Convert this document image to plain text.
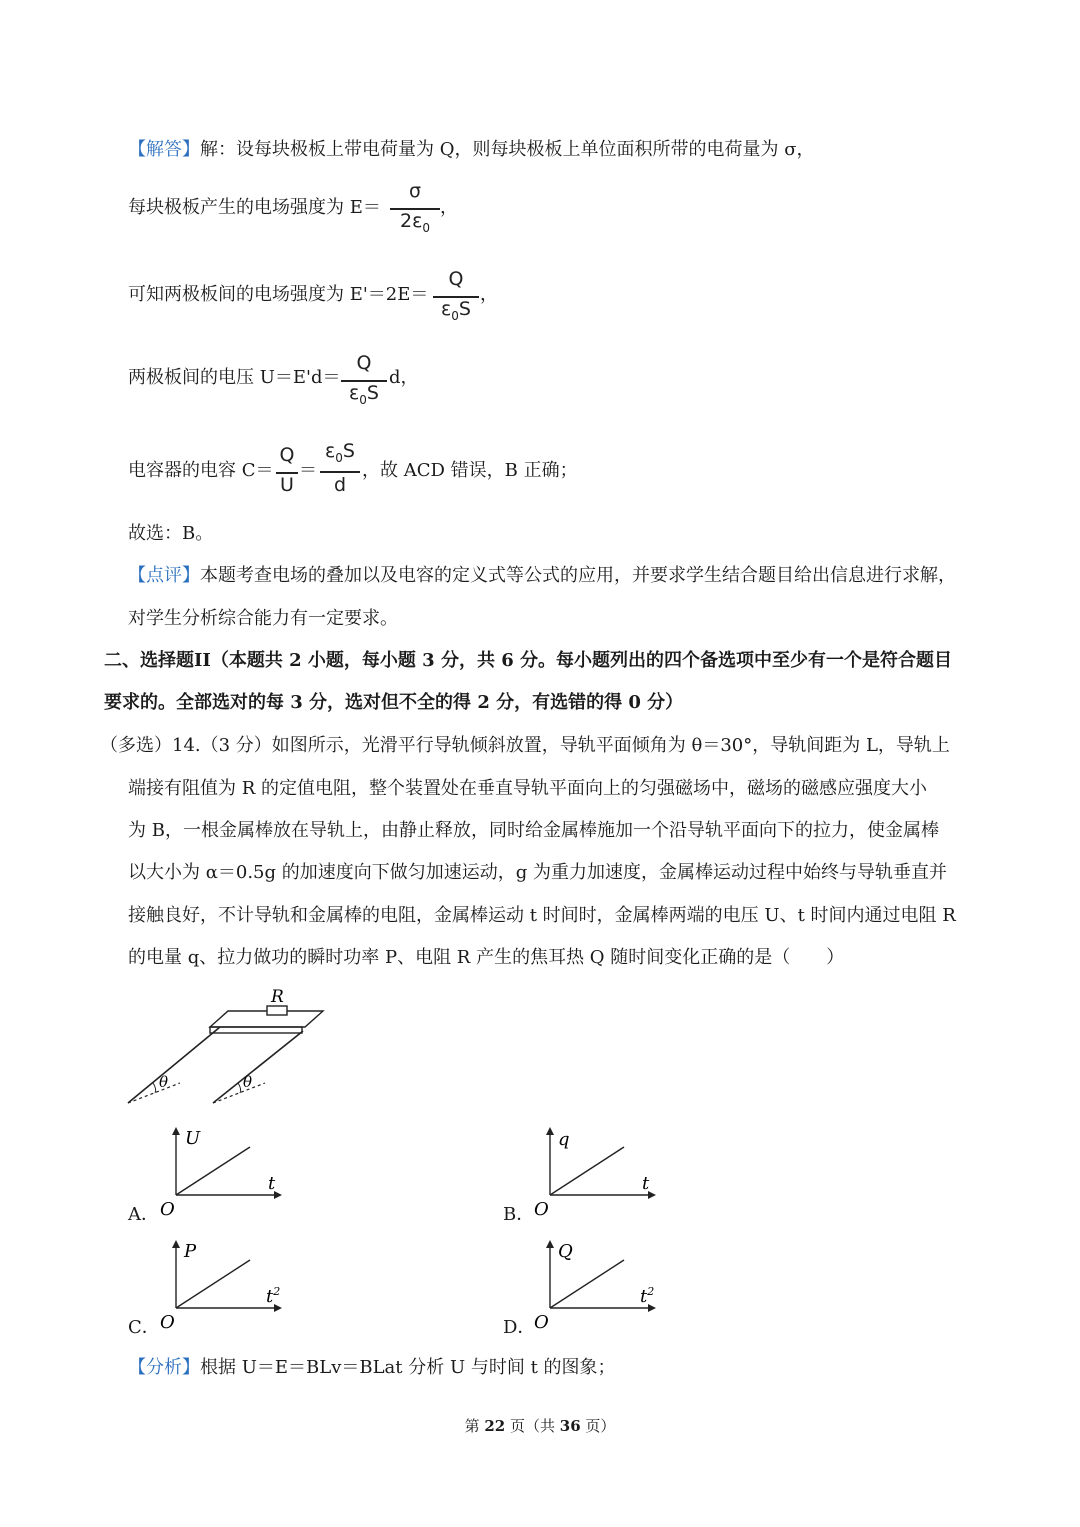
【解答】解：设每块极板上带电荷量为 Q，则每块极板上单位面积所带的电荷量为 σ，
每块极板产生的电场强度为 E＝
σ
$2\varepsilon_0$
，
可知两极板间的电场强度为 E'＝2E＝
Q
$\varepsilon_0S$
，
两极板间的电压 U＝E'd＝
Q
$\varepsilon_0S$
d，
电容器的电容 C＝
Q
U
＝
$\varepsilon_0S$
d
，故 ACD 错误，B 正确；
故选：B。
【点评】本题考查电场的叠加以及电容的定义式等公式的应用，并要求学生结合题目给出信息进行求解，
对学生分析综合能力有一定要求。
二、选择题II（本题共 2 小题，每小题 3 分，共 6 分。每小题列出的四个备选项中至少有一个是符合题目
要求的。全部选对的每 3 分，选对但不全的得 2 分，有选错的得 0 分）
（多选）14.（3 分）如图所示，光滑平行导轨倾斜放置，导轨平面倾角为 θ＝30°，导轨间距为 L，导轨上
端接有阻值为 R 的定值电阻，整个装置处在垂直导轨平面向上的匀强磁场中，磁场的磁感应强度大小
为 B，一根金属棒放在导轨上，由静止释放，同时给金属棒施加一个沿导轨平面向下的拉力，使金属棒
以大小为 α＝0.5g 的加速度向下做匀加速运动，g 为重力加速度，金属棒运动过程中始终与导轨垂直并
接触良好，不计导轨和金属棒的电阻，金属棒运动 t 时间时，金属棒两端的电压 U、t 时间内通过电阻 R
的电量 q、拉力做功的瞬时功率 P、电阻 R 产生的焦耳热 Q 随时间变化正确的是（　　）
R
θ	θ
A．
U
t
O	B．
q
t
O
C．
P
$t^2$
O	D．
Q
$t^2$
O
【分析】根据 U＝E＝BLv＝BLat 分析 U 与时间 t 的图象；
第 22 页（共 36 页）
